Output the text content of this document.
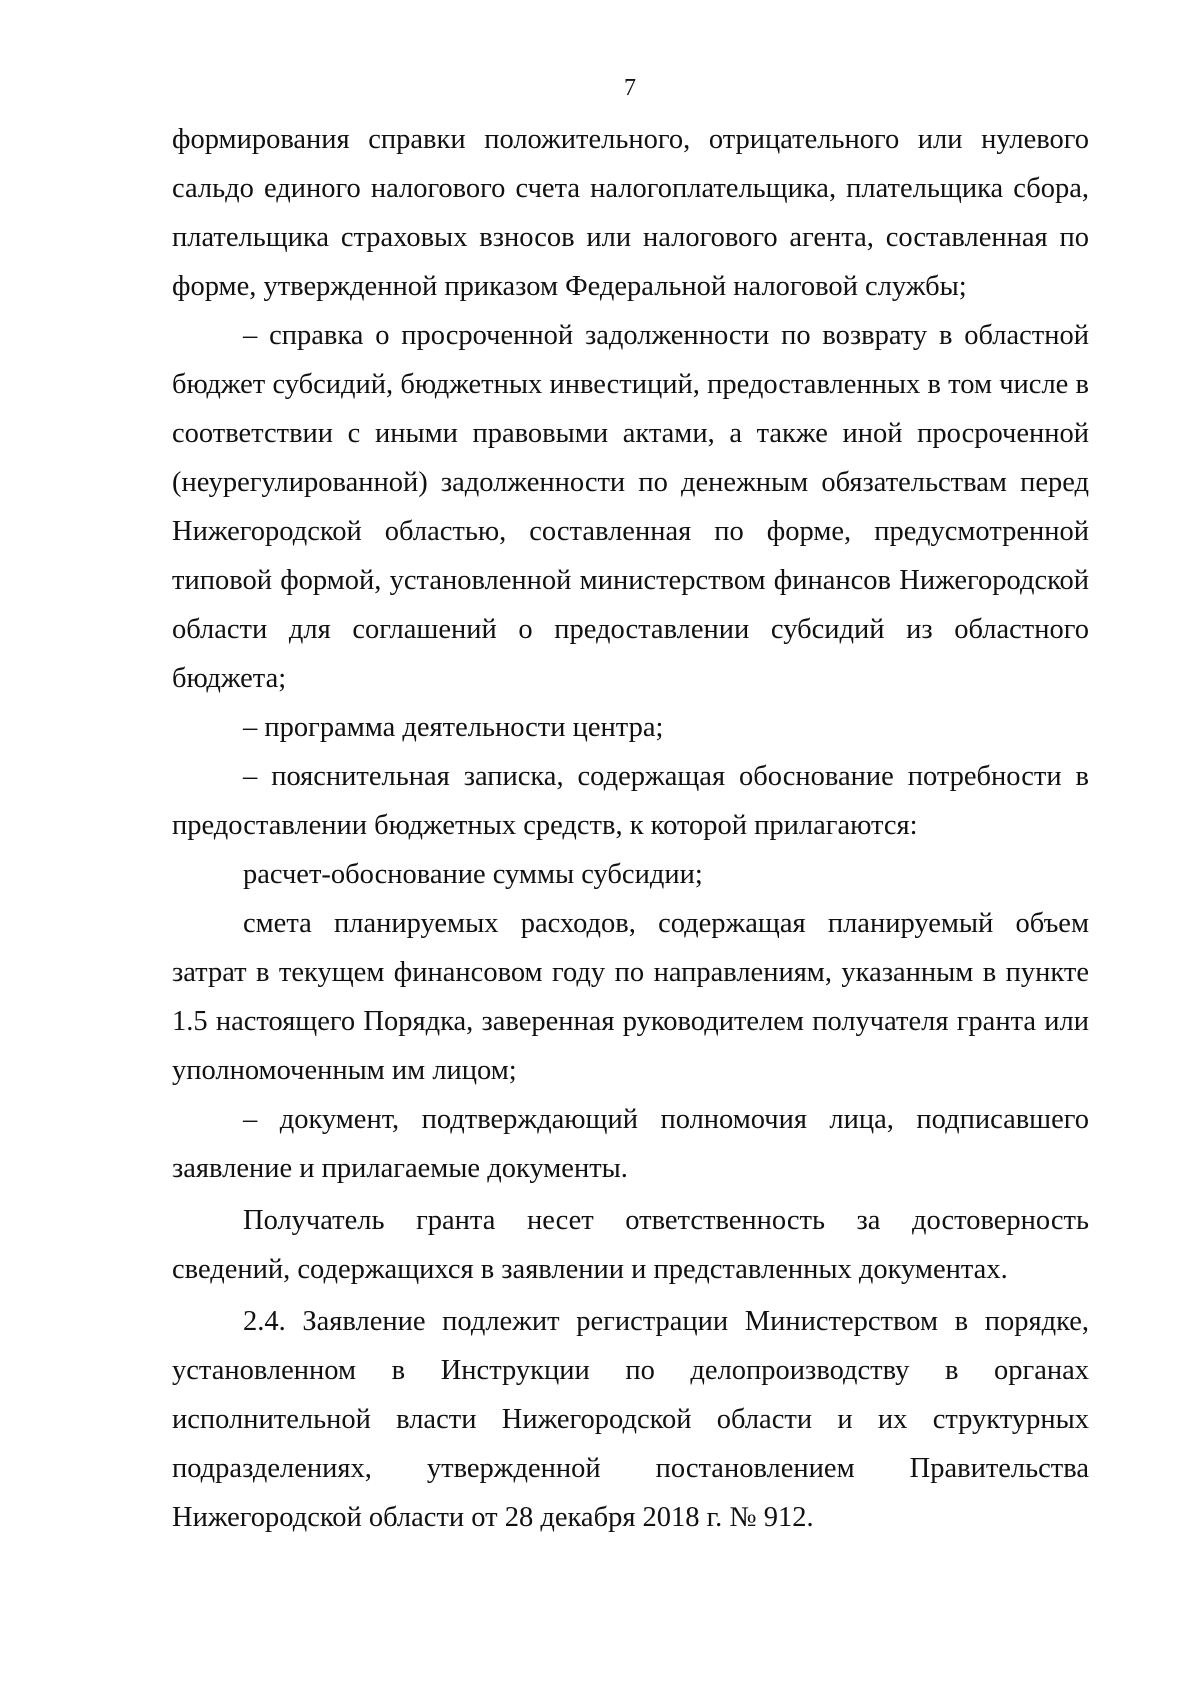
7

формирования справки положительного, отрицательного или нулевого сальдо единого налогового счета налогоплательщика, плательщика сбора, плательщика страховых взносов или налогового агента, составленная по форме, утвержденной приказом Федеральной налоговой службы;

– справка о просроченной задолженности по возврату в областной бюджет субсидий, бюджетных инвестиций, предоставленных в том числе в соответствии с иными правовыми актами, а также иной просроченной (неурегулированной) задолженности по денежным обязательствам перед Нижегородской областью, составленная по форме, предусмотренной типовой формой, установленной министерством финансов Нижегородской области для соглашений о предоставлении субсидий из областного бюджета;

– программа деятельности центра;

– пояснительная записка, содержащая обоснование потребности в предоставлении бюджетных средств, к которой прилагаются:

расчет-обоснование суммы субсидии;

смета планируемых расходов, содержащая планируемый объем затрат в текущем финансовом году по направлениям, указанным в пункте 1.5 настоящего Порядка, заверенная руководителем получателя гранта или уполномоченным им лицом;

– документ, подтверждающий полномочия лица, подписавшего заявление и прилагаемые документы.

Получатель гранта несет ответственность за достоверность сведений, содержащихся в заявлении и представленных документах.

2.4. Заявление подлежит регистрации Министерством в порядке, установленном в Инструкции по делопроизводству в органах исполнительной власти Нижегородской области и их структурных подразделениях, утвержденной постановлением Правительства Нижегородской области от 28 декабря 2018 г. № 912.
